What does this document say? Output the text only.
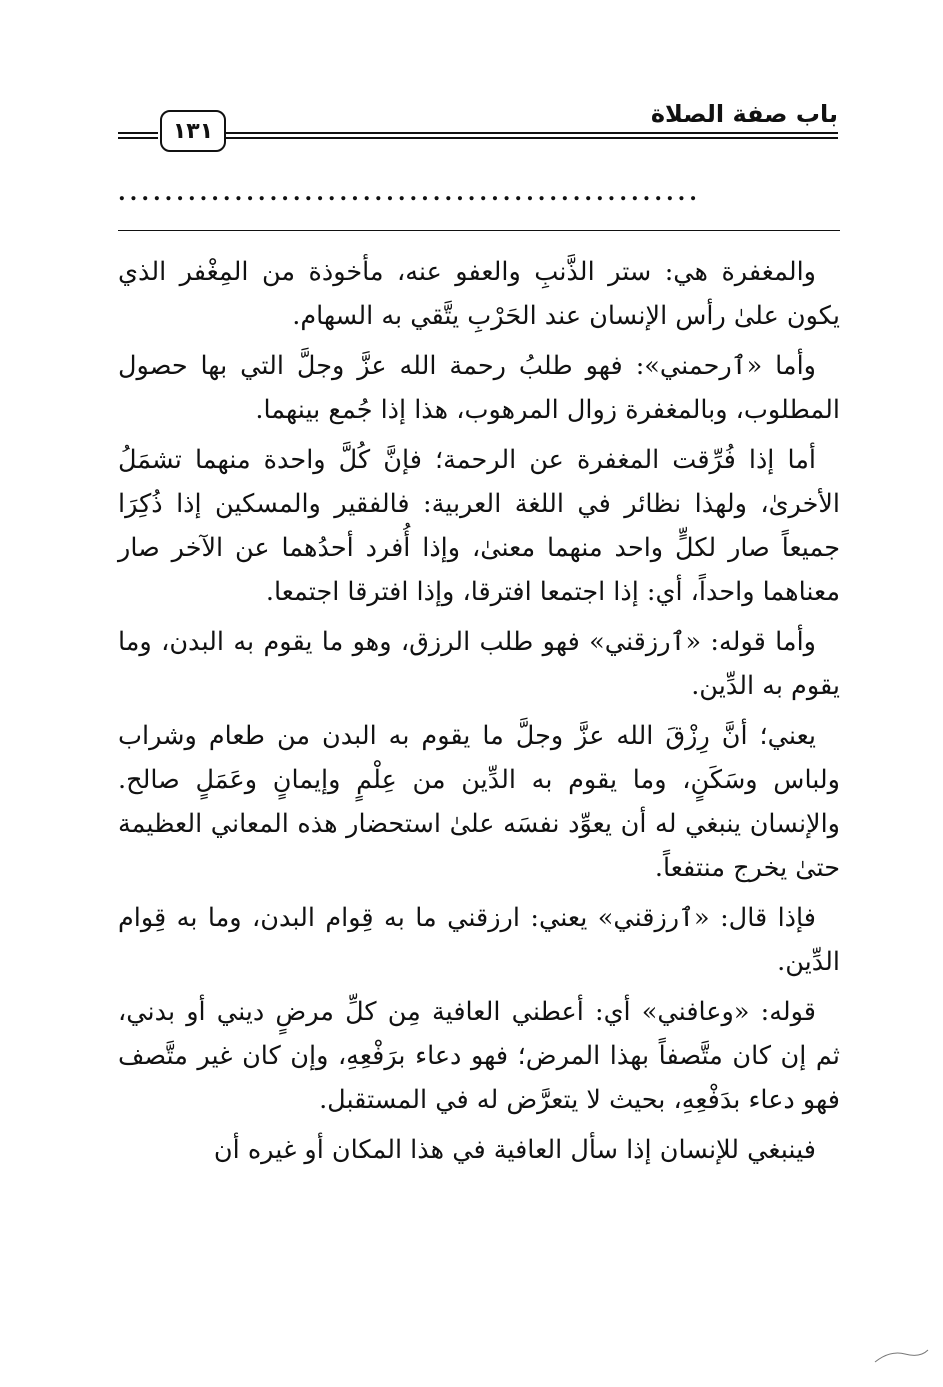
باب صفة الصلاة
١٣١
..................................................

والمغفرة هي: ستر الذَّنبِ والعفو عنه، مأخوذة من المِغْفر الذي يكون علىٰ رأس الإنسان عند الحَرْبِ يتَّقي به السهام.

وأما «ٱرحمني»: فهو طلبُ رحمة الله عزَّ وجلَّ التي بها حصول المطلوب، وبالمغفرة زوال المرهوب، هذا إذا جُمع بينهما.

أما إذا فُرِّقت المغفرة عن الرحمة؛ فإنَّ كُلَّ واحدة منهما تشمَلُ الأخرىٰ، ولهذا نظائر في اللغة العربية: فالفقير والمسكين إذا ذُكِرَا جميعاً صار لكلٍّ واحد منهما معنىٰ، وإذا أُفرد أحدُهما عن الآخر صار معناهما واحداً، أي: إذا اجتمعا افترقا، وإذا افترقا اجتمعا.

وأما قوله: «ٱرزقني» فهو طلب الرزق، وهو ما يقوم به البدن، وما يقوم به الدِّين.

يعني؛ أنَّ رِزْقَ الله عزَّ وجلَّ ما يقوم به البدن من طعام وشراب ولباس وسَكَنٍ، وما يقوم به الدِّين من عِلْمٍ وإيمانٍ وعَمَلٍ صالح. والإنسان ينبغي له أن يعوِّد نفسَه علىٰ استحضار هذه المعاني العظيمة حتىٰ يخرج منتفعاً.

فإذا قال: «ٱرزقني» يعني: ارزقني ما به قِوام البدن، وما به قِوام الدِّين.

قوله: «وعافني» أي: أعطني العافية مِن كلِّ مرضٍ ديني أو بدني، ثم إن كان متَّصفاً بهذا المرض؛ فهو دعاء برَفْعِهِ، وإن كان غير متَّصف فهو دعاء بدَفْعِهِ، بحيث لا يتعرَّض له في المستقبل.

فينبغي للإنسان إذا سأل العافية في هذا المكان أو غيره أن
